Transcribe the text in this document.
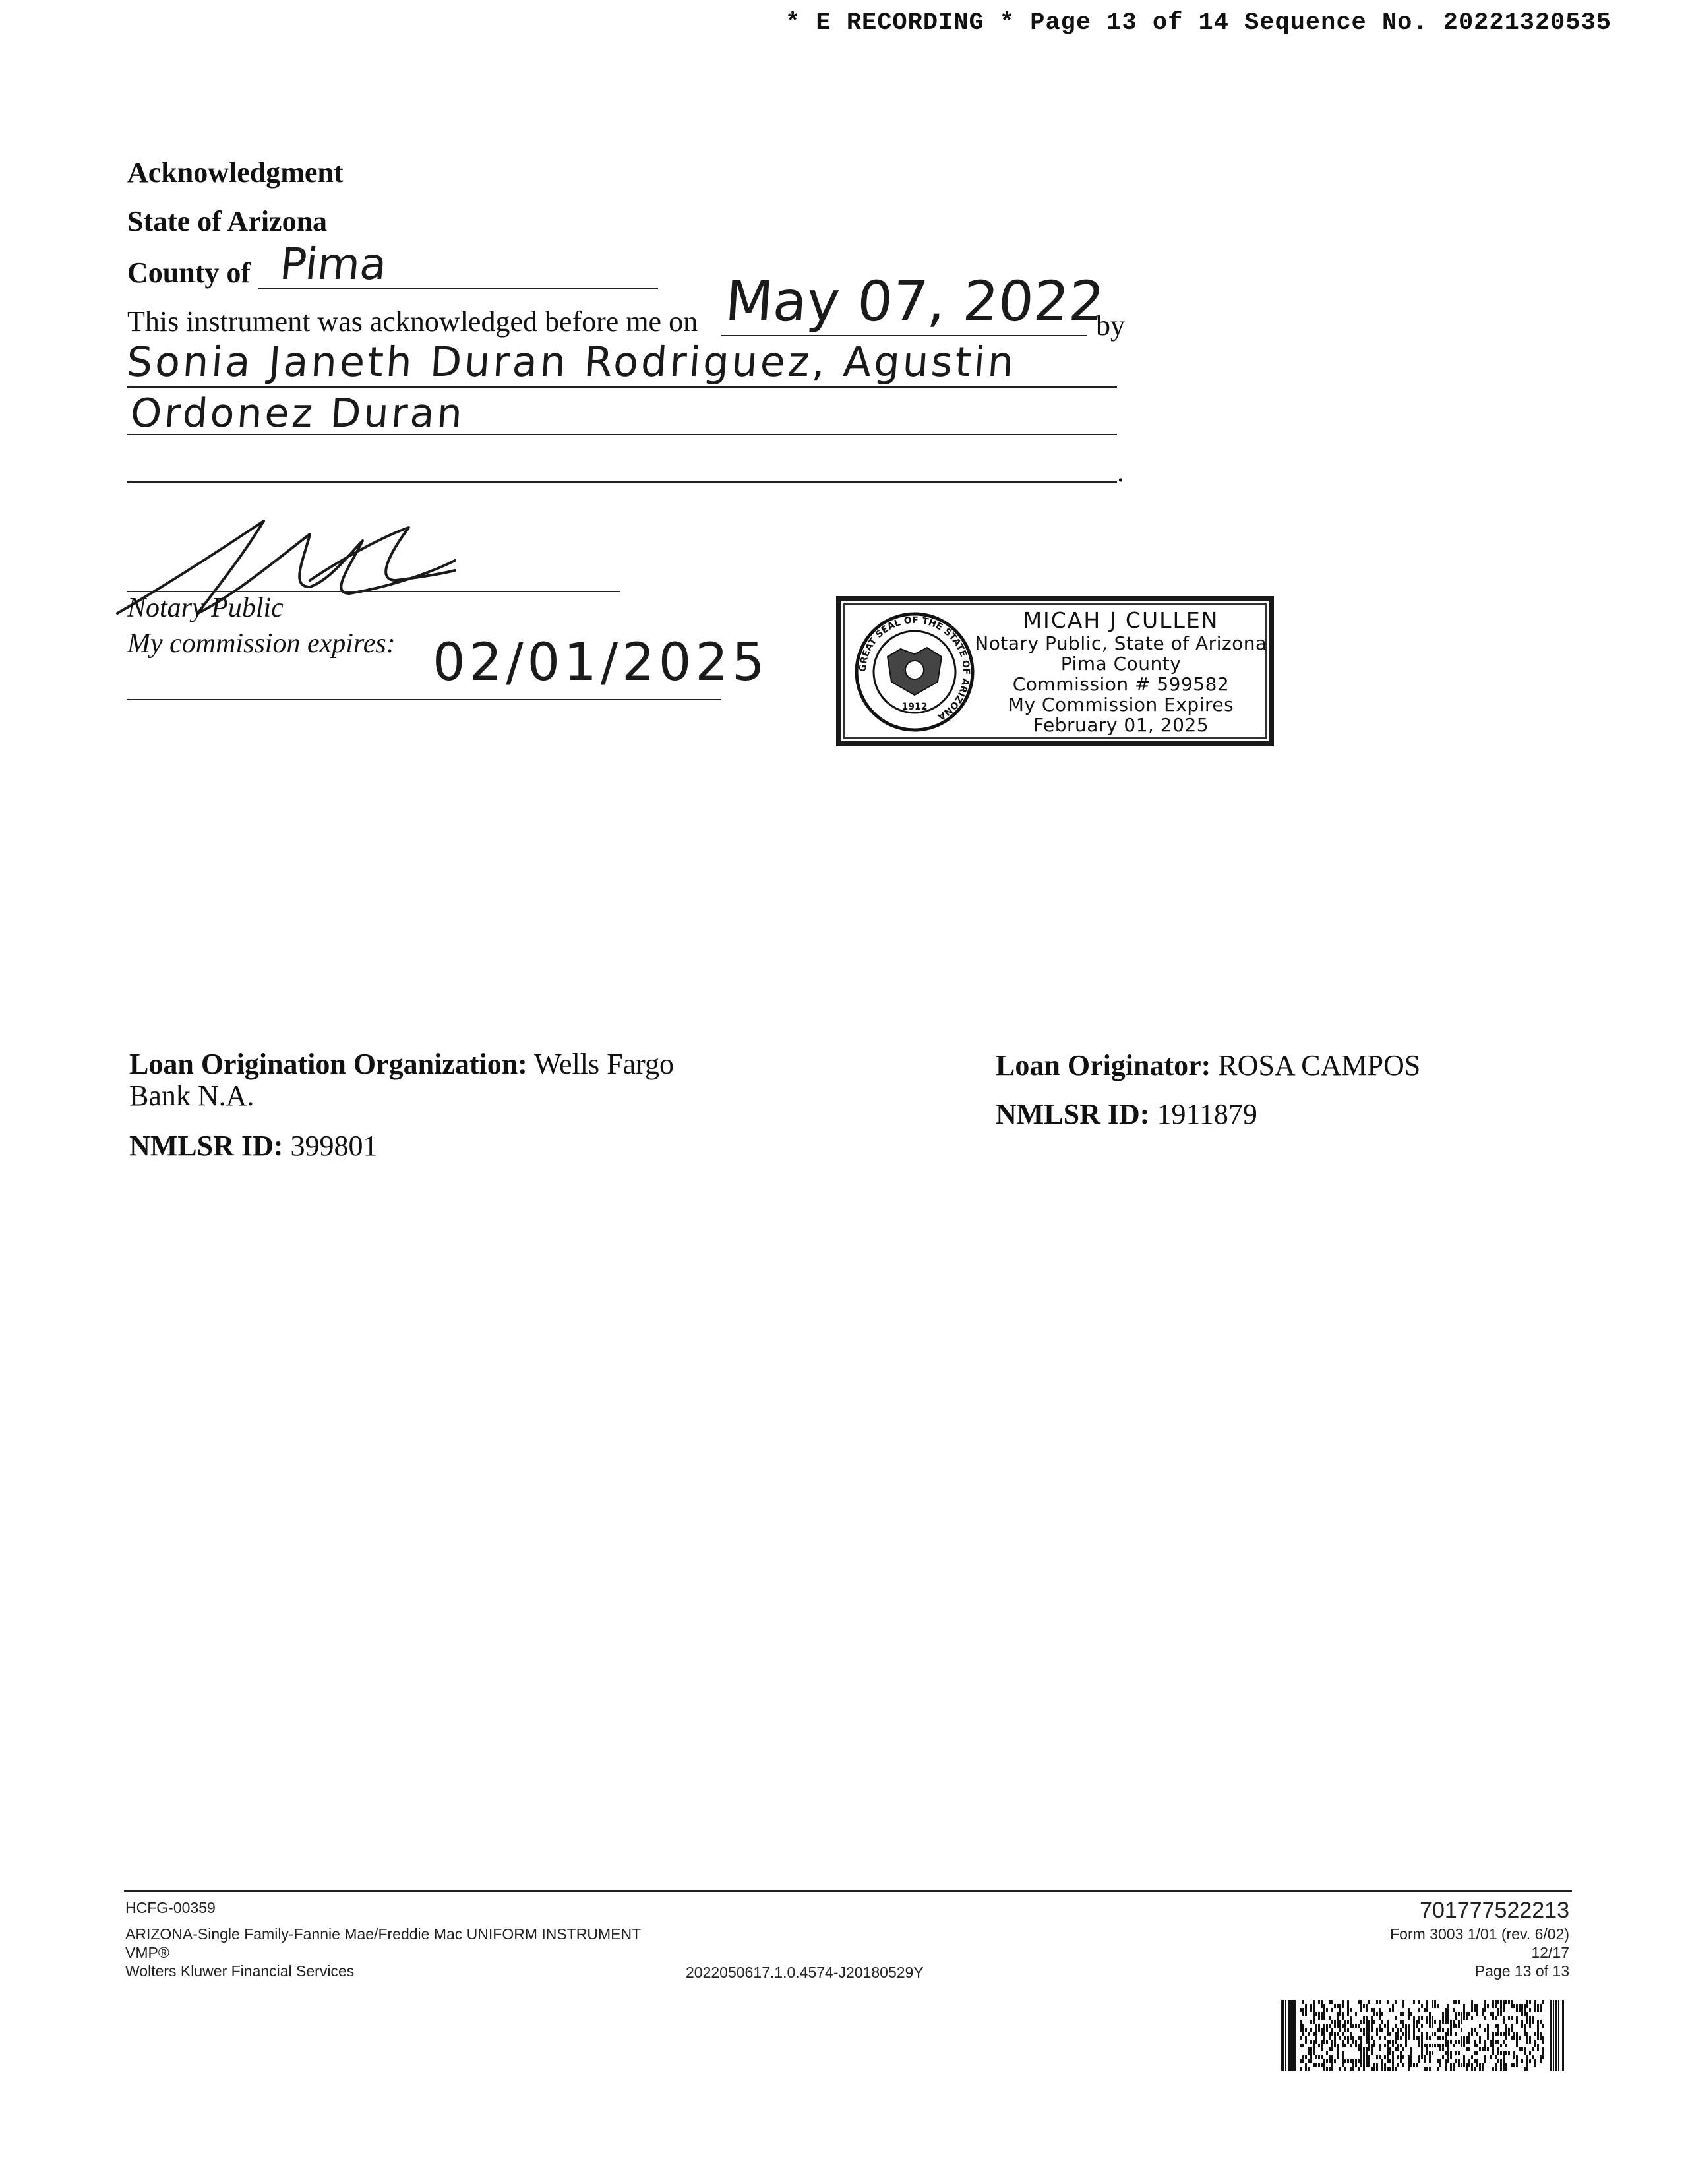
* E RECORDING * Page 13 of 14 Sequence No. 20221320535
Acknowledgment
State of Arizona
County of Pima
This instrument was acknowledged before me on May 07, 2022
by
Sonia Janeth Duran Rodriguez, Agustin
Ordonez Duran
.
Notary Public
My commission expires: 02/01/2025	GREAT SEAL OF THE STATE OF ARIZONA
1912
MICAH J CULLEN
Notary Public, State of Arizona
Pima County
Commission # 599582
My Commission Expires
February 01, 2025
Loan Origination Organization: Wells Fargo
Bank N.A.
NMLSR ID: 399801
Loan Originator: ROSA CAMPOS
NMLSR ID: 1911879
HCFG-00359
ARIZONA-Single Family-Fannie Mae/Freddie Mac UNIFORM INSTRUMENT
VMP®
Wolters Kluwer Financial Services	2022050617.1.0.4574-J20180529Y
701777522213
Form 3003 1/01 (rev. 6/02)
12/17
Page 13 of 13
